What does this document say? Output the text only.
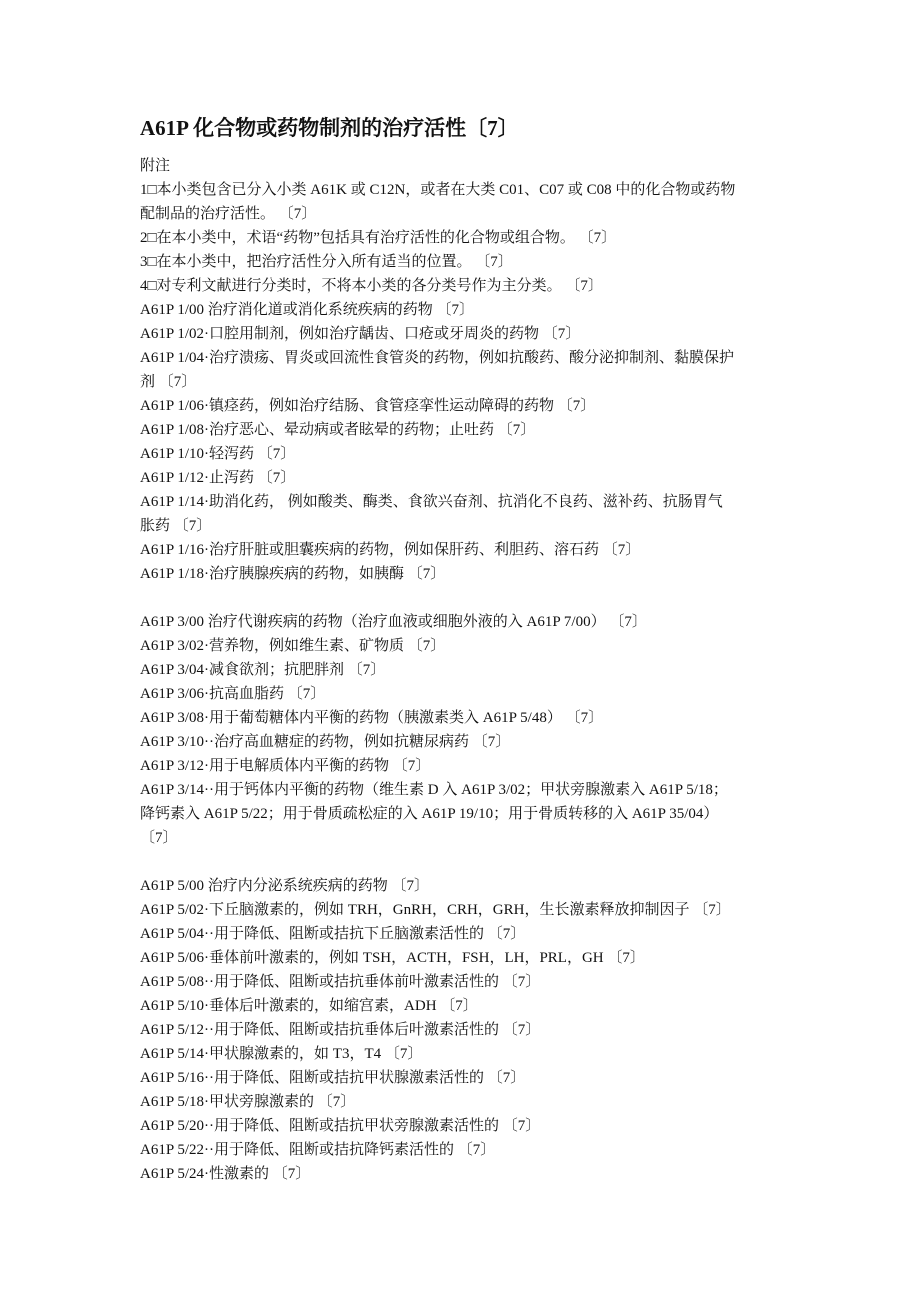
A61P 化合物或药物制剂的治疗活性〔7〕
附注
1□本小类包含已分入小类 A61K 或 C12N，或者在大类 C01、C07 或 C08 中的化合物或药物
配制品的治疗活性。 〔7〕
2□在本小类中，术语“药物”包括具有治疗活性的化合物或组合物。 〔7〕
3□在本小类中，把治疗活性分入所有适当的位置。 〔7〕
4□对专利文献进行分类时，不将本小类的各分类号作为主分类。 〔7〕
A61P 1/00 治疗消化道或消化系统疾病的药物 〔7〕
A61P 1/02·口腔用制剂，例如治疗龋齿、口疮或牙周炎的药物 〔7〕
A61P 1/04·治疗溃疡、胃炎或回流性食管炎的药物，例如抗酸药、酸分泌抑制剂、黏膜保护
剂 〔7〕
A61P 1/06·镇痉药，例如治疗结肠、食管痉挛性运动障碍的药物 〔7〕
A61P 1/08·治疗恶心、晕动病或者眩晕的药物；止吐药 〔7〕
A61P 1/10·轻泻药 〔7〕
A61P 1/12·止泻药 〔7〕
A61P 1/14·助消化药， 例如酸类、酶类、食欲兴奋剂、抗消化不良药、滋补药、抗肠胃气
胀药 〔7〕
A61P 1/16·治疗肝脏或胆囊疾病的药物，例如保肝药、利胆药、溶石药 〔7〕
A61P 1/18·治疗胰腺疾病的药物，如胰酶 〔7〕
A61P 3/00 治疗代谢疾病的药物（治疗血液或细胞外液的入 A61P 7/00） 〔7〕
A61P 3/02·营养物，例如维生素、矿物质 〔7〕
A61P 3/04·减食欲剂；抗肥胖剂 〔7〕
A61P 3/06·抗高血脂药 〔7〕
A61P 3/08·用于葡萄糖体内平衡的药物（胰激素类入 A61P 5/48） 〔7〕
A61P 3/10··治疗高血糖症的药物，例如抗糖尿病药 〔7〕
A61P 3/12·用于电解质体内平衡的药物 〔7〕
A61P 3/14··用于钙体内平衡的药物（维生素 D 入 A61P 3/02；甲状旁腺激素入 A61P 5/18；
降钙素入 A61P 5/22；用于骨质疏松症的入 A61P 19/10；用于骨质转移的入 A61P 35/04）
〔7〕
A61P 5/00 治疗内分泌系统疾病的药物 〔7〕
A61P 5/02·下丘脑激素的，例如 TRH，GnRH，CRH，GRH，生长激素释放抑制因子 〔7〕
A61P 5/04··用于降低、阻断或拮抗下丘脑激素活性的 〔7〕
A61P 5/06·垂体前叶激素的，例如 TSH，ACTH，FSH，LH，PRL，GH 〔7〕
A61P 5/08··用于降低、阻断或拮抗垂体前叶激素活性的 〔7〕
A61P 5/10·垂体后叶激素的，如缩宫素，ADH 〔7〕
A61P 5/12··用于降低、阻断或拮抗垂体后叶激素活性的 〔7〕
A61P 5/14·甲状腺激素的，如 T3，T4 〔7〕
A61P 5/16··用于降低、阻断或拮抗甲状腺激素活性的 〔7〕
A61P 5/18·甲状旁腺激素的 〔7〕
A61P 5/20··用于降低、阻断或拮抗甲状旁腺激素活性的 〔7〕
A61P 5/22··用于降低、阻断或拮抗降钙素活性的 〔7〕
A61P 5/24·性激素的 〔7〕
